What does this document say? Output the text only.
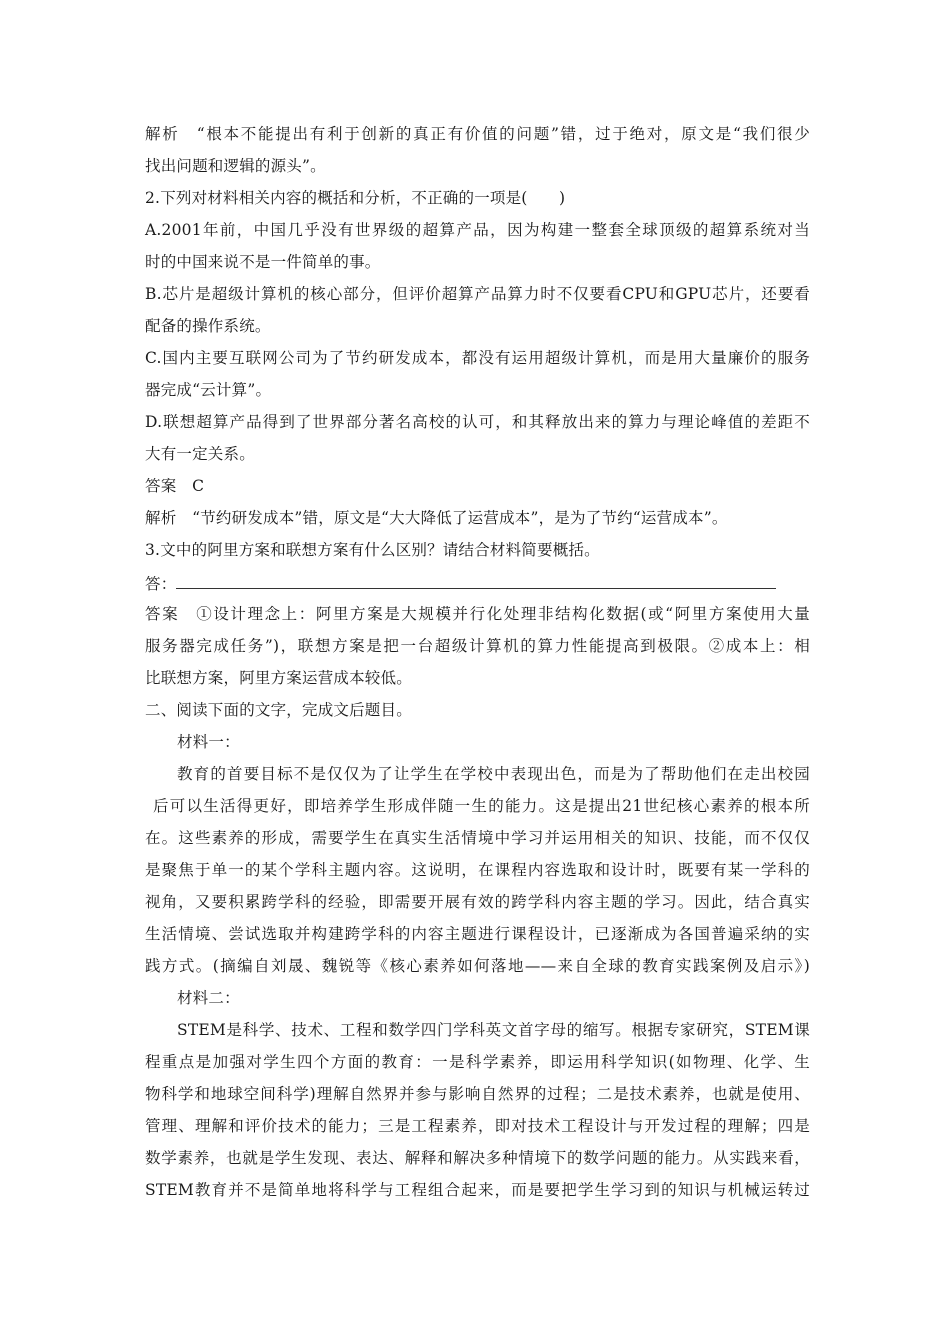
解析　“根本不能提出有利于创新的真正有价值的问题”错，过于绝对，原文是“我们很少
找出问题和逻辑的源头”。
2.下列对材料相关内容的概括和分析，不正确的一项是(　　)
A.2001年前，中国几乎没有世界级的超算产品，因为构建一整套全球顶级的超算系统对当
时的中国来说不是一件简单的事。
B.芯片是超级计算机的核心部分，但评价超算产品算力时不仅要看CPU和GPU芯片，还要看
配备的操作系统。
C.国内主要互联网公司为了节约研发成本，都没有运用超级计算机，而是用大量廉价的服务
器完成“云计算”。
D.联想超算产品得到了世界部分著名高校的认可，和其释放出来的算力与理论峰值的差距不
大有一定关系。
答案　C
解析　“节约研发成本”错，原文是“大大降低了运营成本”，是为了节约“运营成本”。
3.文中的阿里方案和联想方案有什么区别？请结合材料简要概括。
答：
答案　①设计理念上：阿里方案是大规模并行化处理非结构化数据(或“阿里方案使用大量
服务器完成任务”)，联想方案是把一台超级计算机的算力性能提高到极限。②成本上：相
比联想方案，阿里方案运营成本较低。
二、阅读下面的文字，完成文后题目。
材料一：
教育的首要目标不是仅仅为了让学生在学校中表现出色，而是为了帮助他们在走出校园
后可以生活得更好，即培养学生形成伴随一生的能力。这是提出21世纪核心素养的根本所
在。这些素养的形成，需要学生在真实生活情境中学习并运用相关的知识、技能，而不仅仅
是聚焦于单一的某个学科主题内容。这说明，在课程内容选取和设计时，既要有某一学科的
视角，又要积累跨学科的经验，即需要开展有效的跨学科内容主题的学习。因此，结合真实
生活情境、尝试选取并构建跨学科的内容主题进行课程设计，已逐渐成为各国普遍采纳的实
践方式。(摘编自刘晟、魏锐等《核心素养如何落地——来自全球的教育实践案例及启示》)
材料二：
STEM是科学、技术、工程和数学四门学科英文首字母的缩写。根据专家研究，STEM课
程重点是加强对学生四个方面的教育：一是科学素养，即运用科学知识(如物理、化学、生
物科学和地球空间科学)理解自然界并参与影响自然界的过程；二是技术素养，也就是使用、
管理、理解和评价技术的能力；三是工程素养，即对技术工程设计与开发过程的理解；四是
数学素养，也就是学生发现、表达、解释和解决多种情境下的数学问题的能力。从实践来看，
STEM教育并不是简单地将科学与工程组合起来，而是要把学生学习到的知识与机械运转过
